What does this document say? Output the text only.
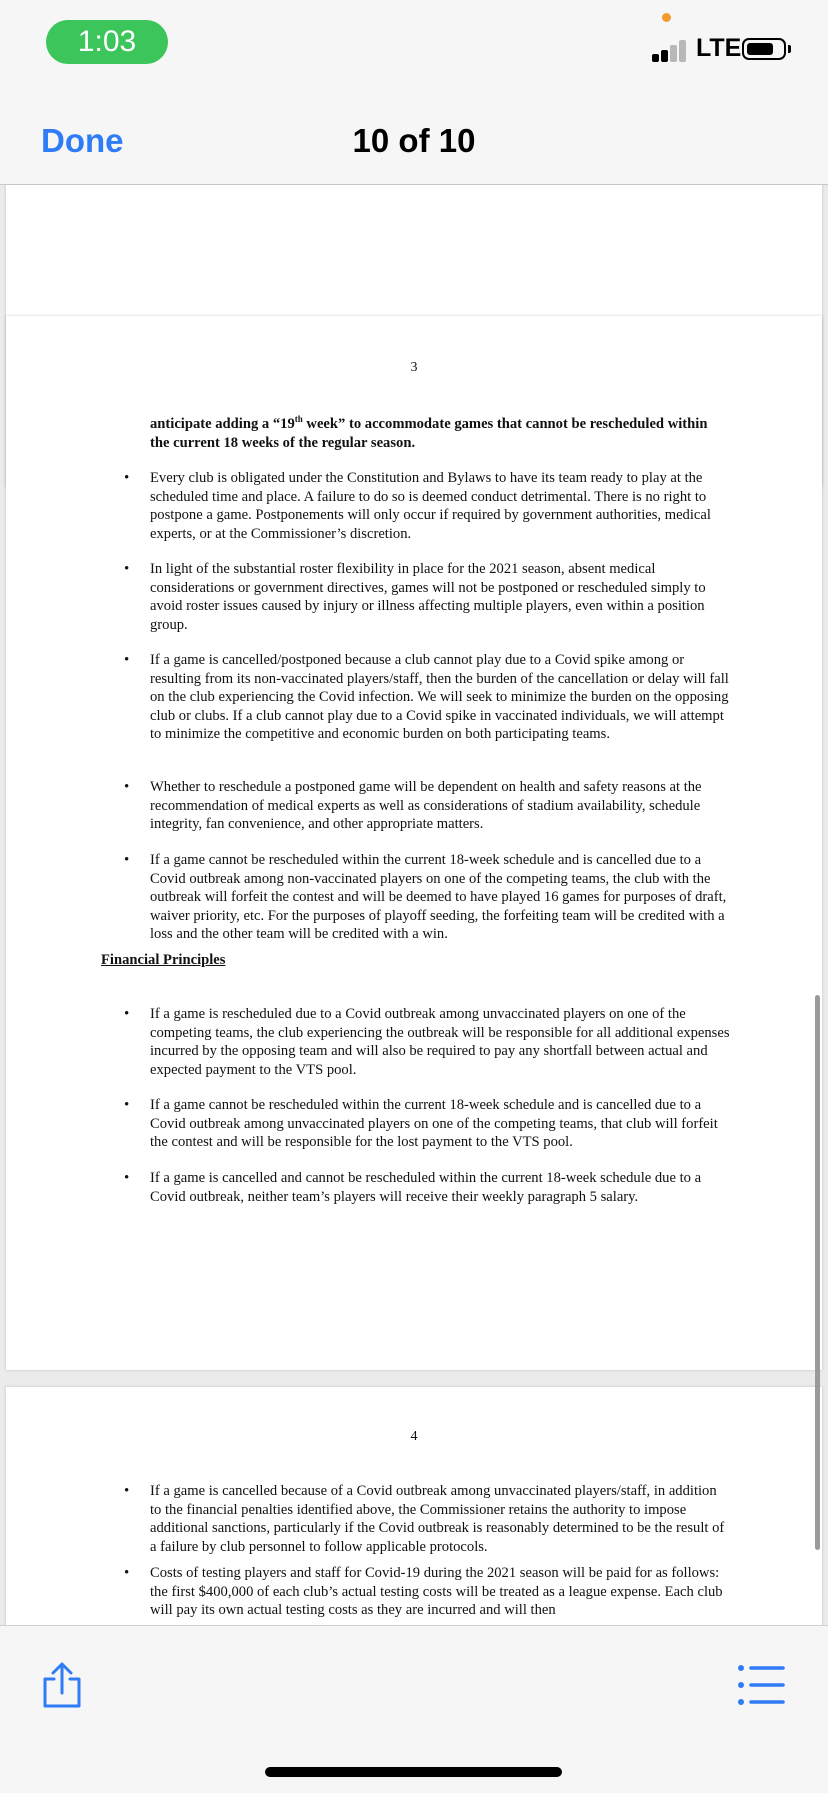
1:03	LTE
10 of 10
Done
3
anticipate adding a “19th week” to accommodate games that cannot be rescheduled within the current 18 weeks of the regular season.
• Every club is obligated under the Constitution and Bylaws to have its team ready to play at the scheduled time and place. A failure to do so is deemed conduct detrimental. There is no right to postpone a game. Postponements will only occur if required by government authorities, medical experts, or at the Commissioner’s discretion.
• In light of the substantial roster flexibility in place for the 2021 season, absent medical considerations or government directives, games will not be postponed or rescheduled simply to avoid roster issues caused by injury or illness affecting multiple players, even within a position group.
• If a game is cancelled/postponed because a club cannot play due to a Covid spike among or resulting from its non-vaccinated players/staff, then the burden of the cancellation or delay will fall on the club experiencing the Covid infection. We will seek to minimize the burden on the opposing club or clubs. If a club cannot play due to a Covid spike in vaccinated individuals, we will attempt to minimize the competitive and economic burden on both participating teams.
• Whether to reschedule a postponed game will be dependent on health and safety reasons at the recommendation of medical experts as well as considerations of stadium availability, schedule integrity, fan convenience, and other appropriate matters.
• If a game cannot be rescheduled within the current 18-week schedule and is cancelled due to a Covid outbreak among non-vaccinated players on one of the competing teams, the club with the outbreak will forfeit the contest and will be deemed to have played 16 games for purposes of draft, waiver priority, etc. For the purposes of playoff seeding, the forfeiting team will be credited with a loss and the other team will be credited with a win.
Financial Principles
• If a game is rescheduled due to a Covid outbreak among unvaccinated players on one of the competing teams, the club experiencing the outbreak will be responsible for all additional expenses incurred by the opposing team and will also be required to pay any shortfall between actual and expected payment to the VTS pool.
• If a game cannot be rescheduled within the current 18-week schedule and is cancelled due to a Covid outbreak among unvaccinated players on one of the competing teams, that club will forfeit the contest and will be responsible for the lost payment to the VTS pool.
• If a game is cancelled and cannot be rescheduled within the current 18-week schedule due to a Covid outbreak, neither team’s players will receive their weekly paragraph 5 salary.
4
• If a game is cancelled because of a Covid outbreak among unvaccinated players/staff, in addition to the financial penalties identified above, the Commissioner retains the authority to impose additional sanctions, particularly if the Covid outbreak is reasonably determined to be the result of a failure by club personnel to follow applicable protocols.
• Costs of testing players and staff for Covid-19 during the 2021 season will be paid for as follows: the first $400,000 of each club’s actual testing costs will be treated as a league expense. Each club will pay its own actual testing costs as they are incurred and will then
